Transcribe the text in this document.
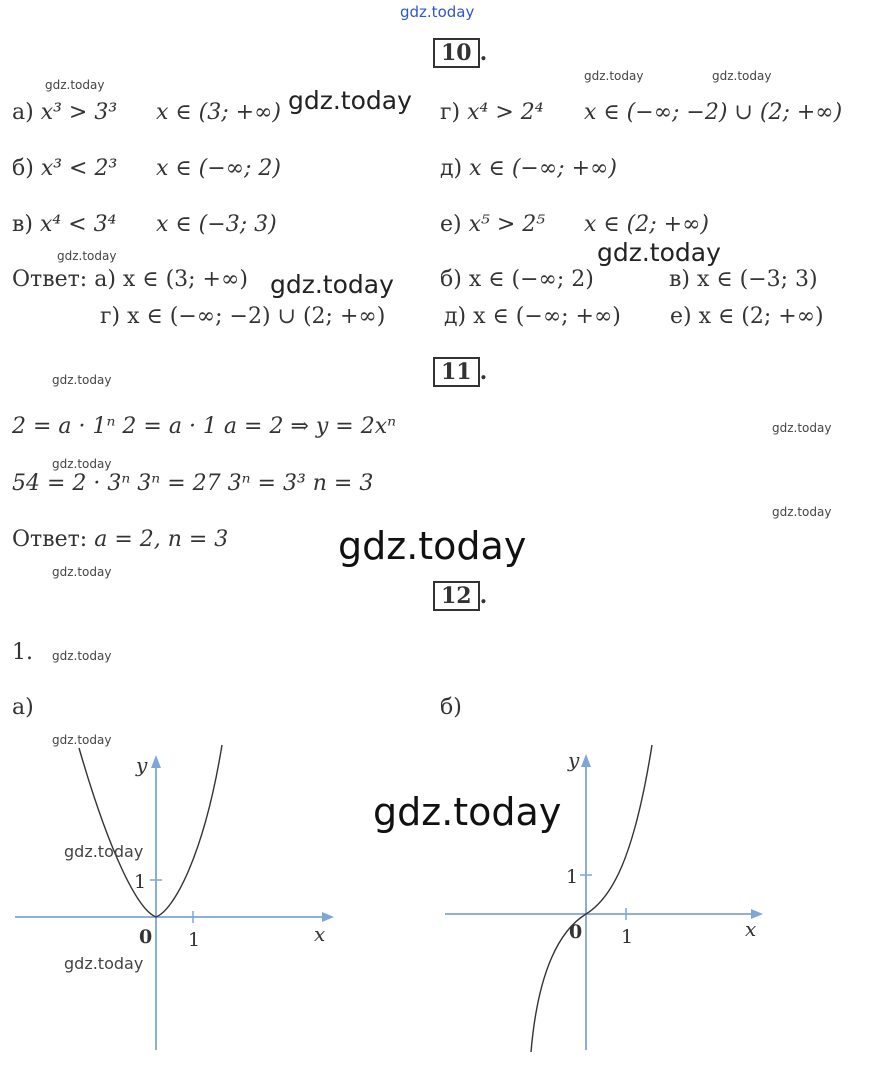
gdz.today
10 .
gdz.today
gdz.today	gdz.today
а) x³ > 3³ x ∈ (3; +∞) gdz.today г) x⁴ > 2⁴ x ∈ (−∞; −2) ∪ (2; +∞)
б) x³ < 2³ x ∈ (−∞; 2)	д) x ∈ (−∞; +∞)
в) x⁴ < 3⁴ x ∈ (−3; 3)	е) x⁵ > 2⁵ x ∈ (2; +∞)
gdz.today	gdz.today
Ответ: а) x ∈ (3; +∞) gdz.today б) x ∈ (−∞; 2)	в) x ∈ (−3; 3)
г) x ∈ (−∞; −2) ∪ (2; +∞)	д) x ∈ (−∞; +∞) е) x ∈ (2; +∞)
11 .
gdz.today
2 = a · 1ⁿ 2 = a · 1 a = 2 ⇒ y = 2xⁿ	gdz.today
gdz.today
54 = 2 · 3ⁿ 3ⁿ = 27 3ⁿ = 3³ n = 3
gdz.today
Ответ: a = 2, n = 3	gdz.today
gdz.today
12 .
1. gdz.today
а)	б)
gdz.today
y
x
0 1
1
gdz.today
gdz.today
y
x
0 1
1
gdz.today
